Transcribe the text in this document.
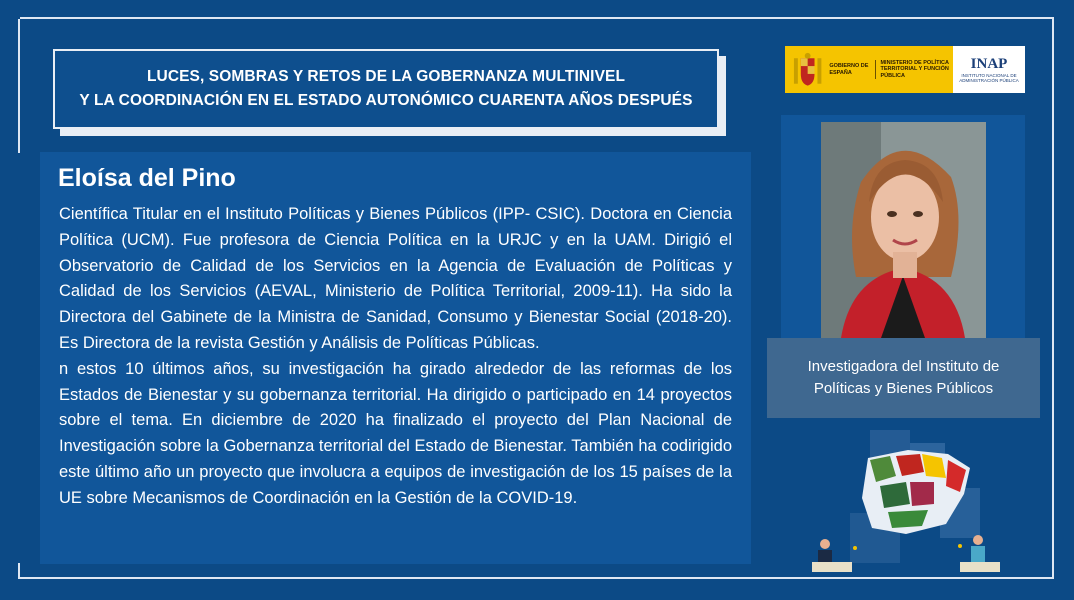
LUCES, SOMBRAS Y RETOS DE LA GOBERNANZA MULTINIVEL
Y LA COORDINACIÓN EN EL ESTADO AUTONÓMICO CUARENTA AÑOS DESPUÉS
Eloísa del Pino

Científica Titular en el Instituto Políticas y Bienes Públicos (IPP- CSIC). Doctora en Ciencia Política (UCM). Fue profesora de Ciencia Política en la URJC y en la UAM. Dirigió el Observatorio de Calidad de los Servicios en la Agencia de Evaluación de Políticas y Calidad de los Servicios (AEVAL, Ministerio de Política Territorial, 2009-11). Ha sido la Directora del Gabinete de la Ministra de Sanidad, Consumo y Bienestar Social (2018-20). Es Directora de la revista Gestión y Análisis de Políticas Públicas.

n estos 10 últimos años, su investigación ha girado alrededor de las reformas de los Estados de Bienestar y su gobernanza territorial. Ha dirigido o participado en 14 proyectos sobre el tema. En diciembre de 2020 ha finalizado el proyecto del Plan Nacional de Investigación sobre la Gobernanza territorial del Estado de Bienestar. También ha codirigido este último año un proyecto que involucra a equipos de investigación de los 15 países de la UE sobre Mecanismos de Coordinación en la Gestión de la COVID-19.

GOBIERNO DE ESPAÑA
MINISTERIO DE POLÍTICA TERRITORIAL Y FUNCIÓN PÚBLICA
INAP
INSTITUTO NACIONAL DE ADMINISTRACIÓN PÚBLICA
Investigadora del Instituto de
Políticas y Bienes Públicos
